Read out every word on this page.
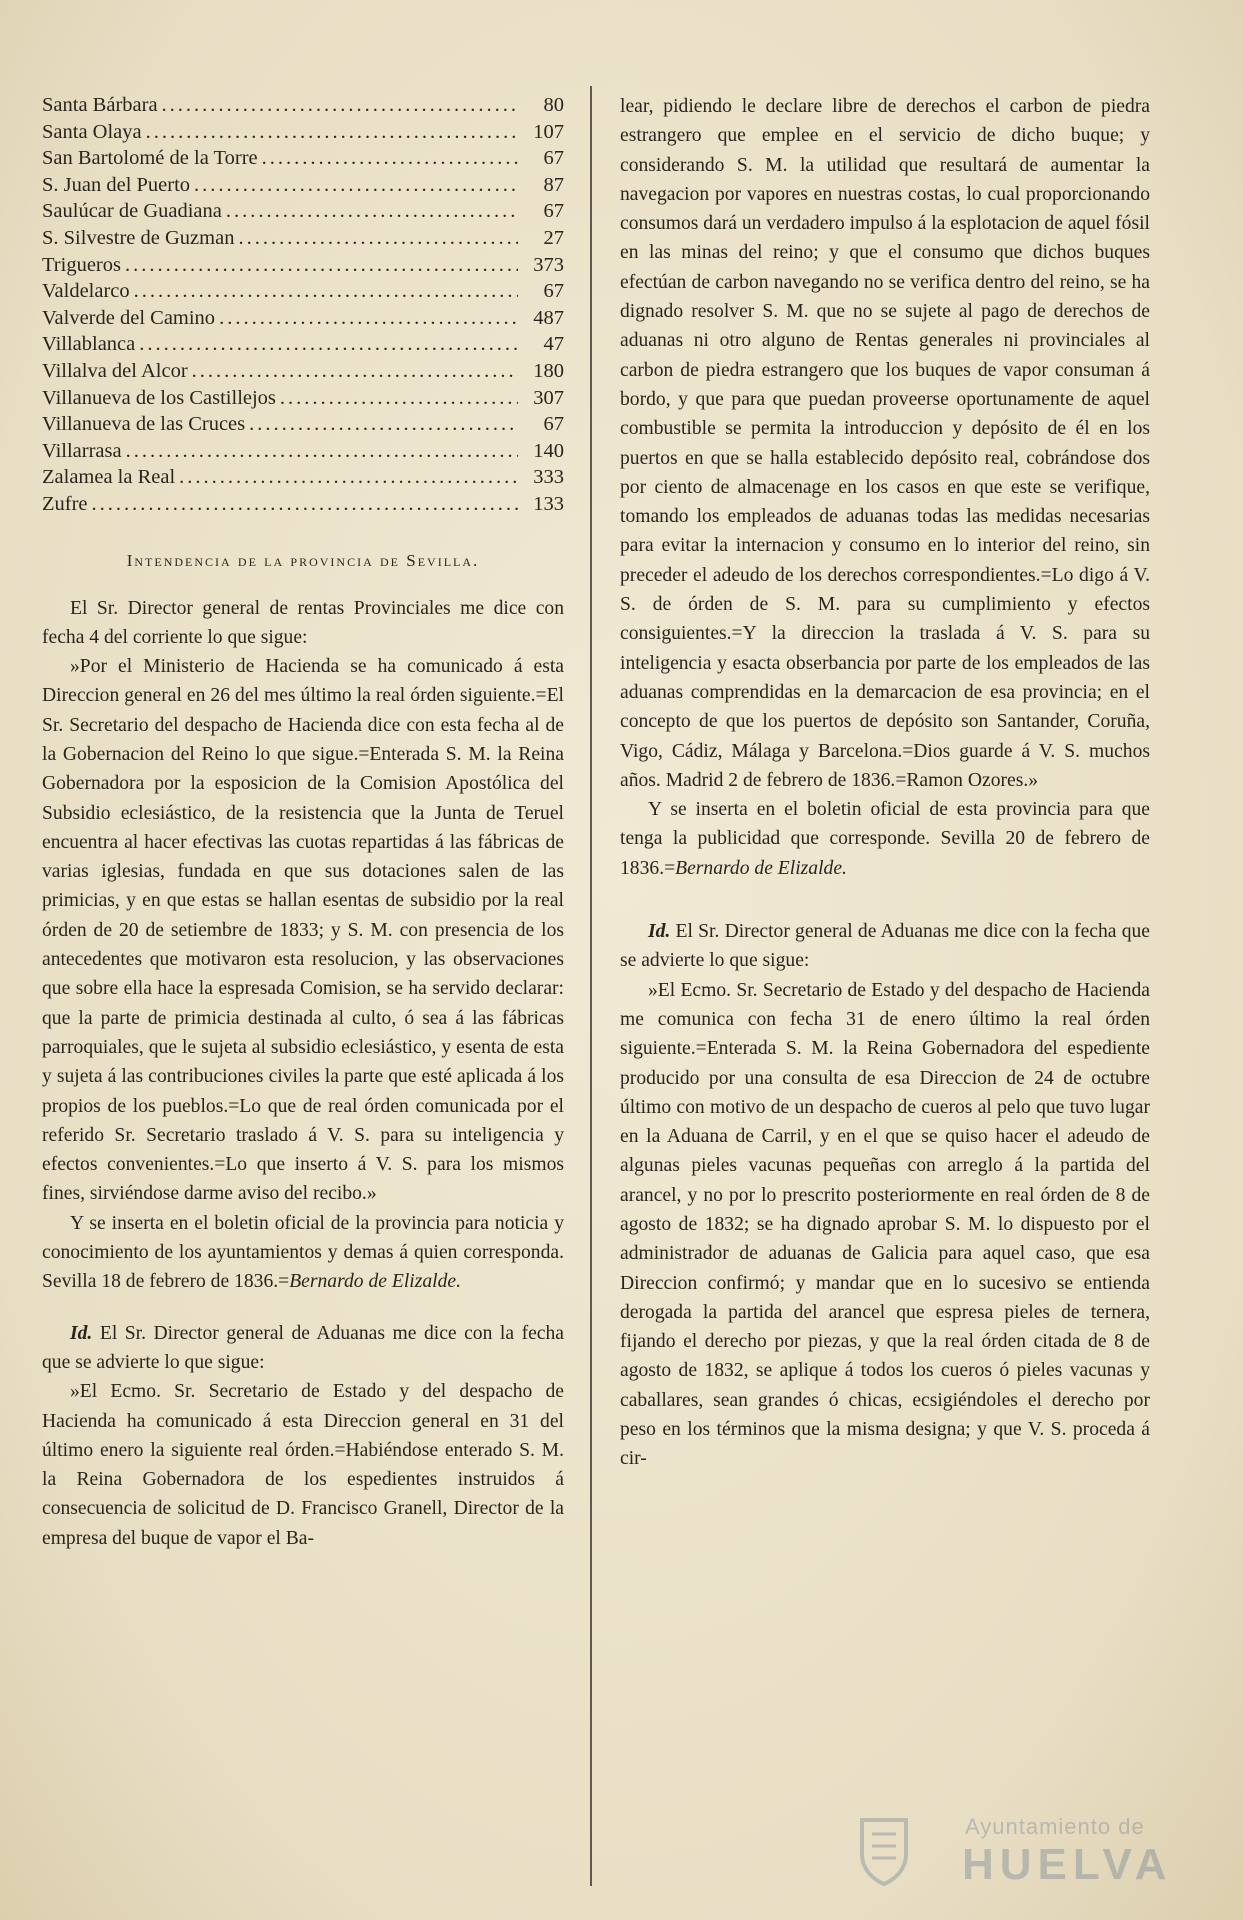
Santa Bárbara .....	80
Santa Olaya .....	107
San Bartolomé de la Torre .....	67
S. Juan del Puerto .....	87
Saulúcar de Guadiana .....	67
S. Silvestre de Guzman .....	27
Trigueros .....	373
Valdelarco .....	67
Valverde del Camino .....	487
Villablanca .....	47
Villalva del Alcor .....	180
Villanueva de los Castillejos .....	307
Villanueva de las Cruces .....	67
Villarrasa .....	140
Zalamea la Real .....	333
Zufre .....	133
Intendencia de la provincia de Sevilla.

El Sr. Director general de rentas Provinciales me dice con fecha 4 del corriente lo que sigue:

»Por el Ministerio de Hacienda se ha comunicado á esta Direccion general en 26 del mes último la real órden siguiente.=El Sr. Secretario del despacho de Hacienda dice con esta fecha al de la Gobernacion del Reino lo que sigue.=Enterada S. M. la Reina Gobernadora por la esposicion de la Comision Apostólica del Subsidio eclesiástico, de la resistencia que la Junta de Teruel encuentra al hacer efectivas las cuotas repartidas á las fábricas de varias iglesias, fundada en que sus dotaciones salen de las primicias, y en que estas se hallan esentas de subsidio por la real órden de 20 de setiembre de 1833; y S. M. con presencia de los antecedentes que motivaron esta resolucion, y las observaciones que sobre ella hace la espresada Comision, se ha servido declarar: que la parte de primicia destinada al culto, ó sea á las fábricas parroquiales, que le sujeta al subsidio eclesiástico, y esenta de esta y sujeta á las contribuciones civiles la parte que esté aplicada á los propios de los pueblos.=Lo que de real órden comunicada por el referido Sr. Secretario traslado á V. S. para su inteligencia y efectos convenientes.=Lo que inserto á V. S. para los mismos fines, sirviéndose darme aviso del recibo.»

Y se inserta en el boletin oficial de la provincia para noticia y conocimiento de los ayuntamientos y demas á quien corresponda. Sevilla 18 de febrero de 1836.=Bernardo de Elizalde.

Id. El Sr. Director general de Aduanas me dice con la fecha que se advierte lo que sigue:

»El Ecmo. Sr. Secretario de Estado y del despacho de Hacienda ha comunicado á esta Direccion general en 31 del último enero la siguiente real órden.=Habiéndose enterado S. M. la Reina Gobernadora de los espedientes instruidos á consecuencia de solicitud de D. Francisco Granell, Director de la empresa del buque de vapor el Ba-

lear, pidiendo le declare libre de derechos el carbon de piedra estrangero que emplee en el servicio de dicho buque; y considerando S. M. la utilidad que resultará de aumentar la navegacion por vapores en nuestras costas, lo cual proporcionando consumos dará un verdadero impulso á la esplotacion de aquel fósil en las minas del reino; y que el consumo que dichos buques efectúan de carbon navegando no se verifica dentro del reino, se ha dignado resolver S. M. que no se sujete al pago de derechos de aduanas ni otro alguno de Rentas generales ni provinciales al carbon de piedra estrangero que los buques de vapor consuman á bordo, y que para que puedan proveerse oportunamente de aquel combustible se permita la introduccion y depósito de él en los puertos en que se halla establecido depósito real, cobrándose dos por ciento de almacenage en los casos en que este se verifique, tomando los empleados de aduanas todas las medidas necesarias para evitar la internacion y consumo en lo interior del reino, sin preceder el adeudo de los derechos correspondientes.=Lo digo á V. S. de órden de S. M. para su cumplimiento y efectos consiguientes.=Y la direccion la traslada á V. S. para su inteligencia y esacta obserbancia por parte de los empleados de las aduanas comprendidas en la demarcacion de esa provincia; en el concepto de que los puertos de depósito son Santander, Coruña, Vigo, Cádiz, Málaga y Barcelona.=Dios guarde á V. S. muchos años. Madrid 2 de febrero de 1836.=Ramon Ozores.»

Y se inserta en el boletin oficial de esta provincia para que tenga la publicidad que corresponde. Sevilla 20 de febrero de 1836.=Bernardo de Elizalde.

Id. El Sr. Director general de Aduanas me dice con la fecha que se advierte lo que sigue:

»El Ecmo. Sr. Secretario de Estado y del despacho de Hacienda me comunica con fecha 31 de enero último la real órden siguiente.=Enterada S. M. la Reina Gobernadora del espediente producido por una consulta de esa Direccion de 24 de octubre último con motivo de un despacho de cueros al pelo que tuvo lugar en la Aduana de Carril, y en el que se quiso hacer el adeudo de algunas pieles vacunas pequeñas con arreglo á la partida del arancel, y no por lo prescrito posteriormente en real órden de 8 de agosto de 1832; se ha dignado aprobar S. M. lo dispuesto por el administrador de aduanas de Galicia para aquel caso, que esa Direccion confirmó; y mandar que en lo sucesivo se entienda derogada la partida del arancel que espresa pieles de ternera, fijando el derecho por piezas, y que la real órden citada de 8 de agosto de 1832, se aplique á todos los cueros ó pieles vacunas y caballares, sean grandes ó chicas, ecsigiéndoles el derecho por peso en los términos que la misma designa; y que V. S. proceda á cir-

Ayuntamiento de
HUELVA
